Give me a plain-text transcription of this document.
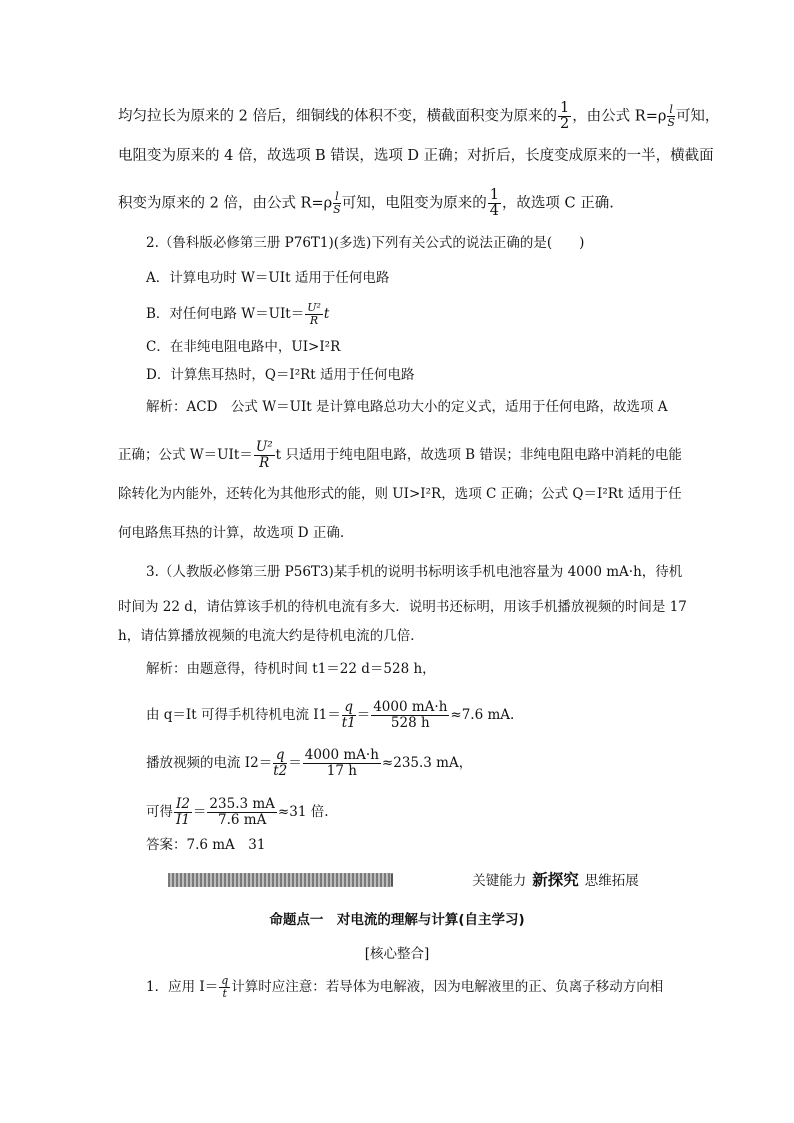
均匀拉长为原来的 2 倍后，细铜线的体积不变，横截面积变为原来的 $\frac{1}{2}$ ，由公式 $R=\rho \frac{l}{S}$ 可知，
电阻变为原来的 4 倍，故选项 B 错误，选项 D 正确；对折后，长度变成原来的一半，横截面
积变为原来的 2 倍，由公式 $R=\rho \frac{l}{S}$ 可知，电阻变为原来的 $\frac{1}{4}$ ，故选项 C 正确.
2.（鲁科版必修第三册 P76T1)(多选)下列有关公式的说法正确的是(　　)
A．计算电功时 W＝UIt 适用于任何电路
B．对任何电路 $W=UIt= \frac{\text{U²}}{R}$ t
C．在非纯电阻电路中，UI>I²R
D．计算焦耳热时，Q＝I²Rt 适用于任何电路
解析：ACD　公式 W＝UIt 是计算电路总功大小的定义式，适用于任何电路，故选项 A
正确；公式 $W=UIt= \frac{\text{U²}}{R}$ t 只适用于纯电阻电路，故选项 B 错误；非纯电阻电路中消耗的电能
除转化为内能外，还转化为其他形式的能，则 UI>I²R，选项 C 正确；公式 Q＝I²Rt 适用于任
何电路焦耳热的计算，故选项 D 正确.
3.（人教版必修第三册 P56T3)某手机的说明书标明该手机电池容量为 4000 mA·h，待机
时间为 22 d，请估算该手机的待机电流有多大．说明书还标明，用该手机播放视频的时间是 17
h，请估算播放视频的电流大约是待机电流的几倍．
解析：由题意得，待机时间 t1＝22 d＝528 h，
由 q＝It 可得手机待机电流 $I1= \frac{q}{t1} = \frac{4000 mA\cdot h}{528 h} \approx 7.6$ mA.
播放视频的电流 $I2= \frac{q}{t2} = \frac{4000 mA\cdot h}{17 h} \approx 235.3$ mA，
可得 $\frac{I2}{I1} = \frac{235.3 mA}{7.6 mA} \approx 31$ 倍.
答案：7.6 mA　31
关键能力 新探究 思维拓展
命题点一　对电流的理解与计算(自主学习)
[核心整合]
1．应用 $I= \frac{q}{t}$ 计算时应注意：若导体为电解液，因为电解液里的正、负离子移动方向相
